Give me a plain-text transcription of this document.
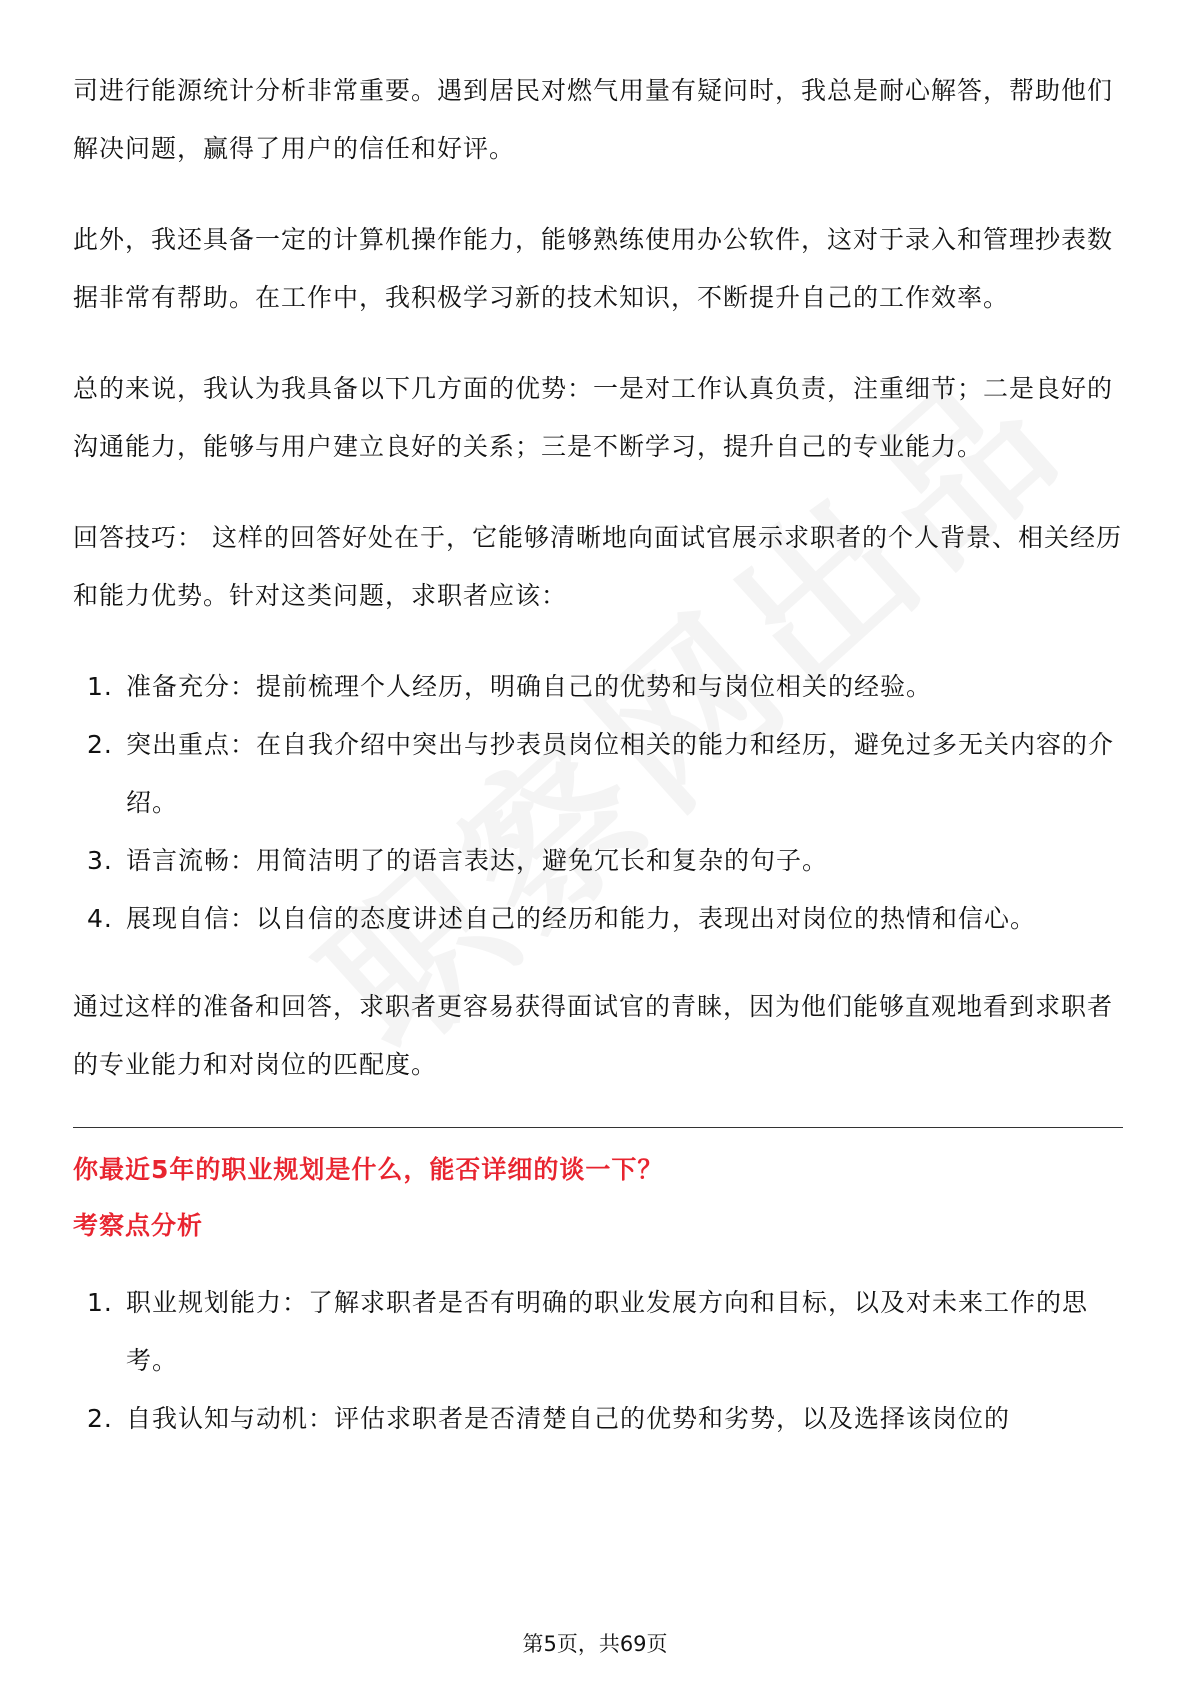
司进行能源统计分析非常重要。遇到居民对燃气用量有疑问时，我总是耐心解答，帮助他们解决问题，赢得了用户的信任和好评。

此外，我还具备一定的计算机操作能力，能够熟练使用办公软件，这对于录入和管理抄表数据非常有帮助。在工作中，我积极学习新的技术知识，不断提升自己的工作效率。

总的来说，我认为我具备以下几方面的优势：一是对工作认真负责，注重细节；二是良好的沟通能力，能够与用户建立良好的关系；三是不断学习，提升自己的专业能力。

回答技巧： 这样的回答好处在于，它能够清晰地向面试官展示求职者的个人背景、相关经历和能力优势。针对这类问题，求职者应该：

1. 准备充分：提前梳理个人经历，明确自己的优势和与岗位相关的经验。
2. 突出重点：在自我介绍中突出与抄表员岗位相关的能力和经历，避免过多无关内容的介绍。
3. 语言流畅：用简洁明了的语言表达，避免冗长和复杂的句子。
4. 展现自信：以自信的态度讲述自己的经历和能力，表现出对岗位的热情和信心。

通过这样的准备和回答，求职者更容易获得面试官的青睐，因为他们能够直观地看到求职者的专业能力和对岗位的匹配度。

你最近5年的职业规划是什么，能否详细的谈一下？

考察点分析

1. 职业规划能力：了解求职者是否有明确的职业发展方向和目标，以及对未来工作的思考。
2. 自我认知与动机：评估求职者是否清楚自己的优势和劣势，以及选择该岗位的
第5页，共69页
